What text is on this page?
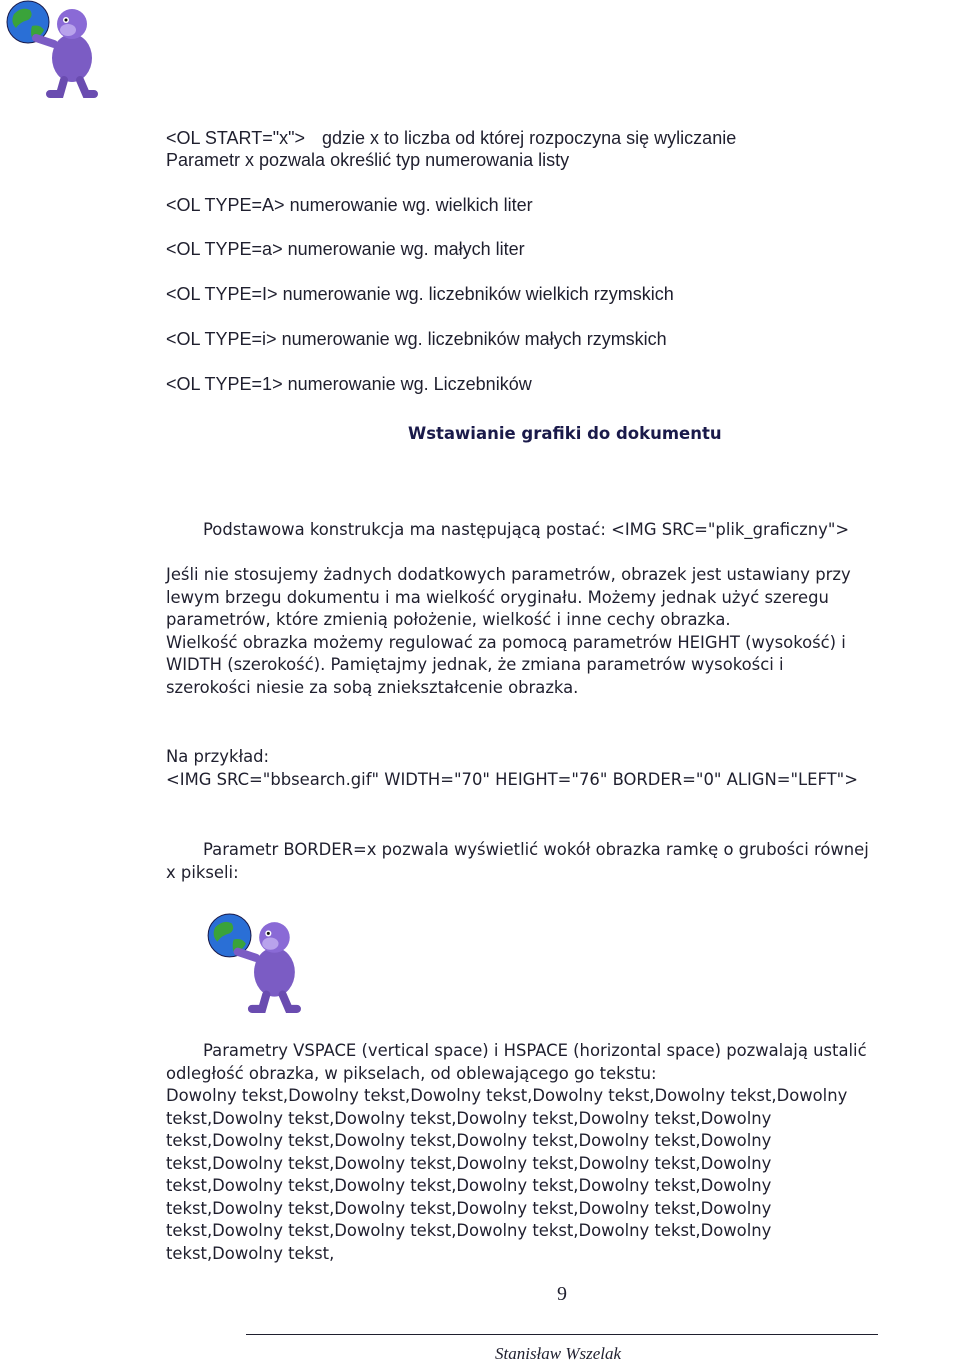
<OL START="x"> gdzie x to liczba od której rozpoczyna się wyliczanie
Parametr x pozwala określić typ numerowania listy
<OL TYPE=A> numerowanie wg. wielkich liter
<OL TYPE=a> numerowanie wg. małych liter
<OL TYPE=I> numerowanie wg. liczebników wielkich rzymskich
<OL TYPE=i> numerowanie wg. liczebników małych rzymskich
<OL TYPE=1> numerowanie wg. Liczebników
Wstawianie grafiki do dokumentu
Podstawowa konstrukcja ma następującą postać: <IMG SRC="plik_graficzny">
Jeśli nie stosujemy żadnych dodatkowych parametrów, obrazek jest ustawiany przy
lewym brzegu dokumentu i ma wielkość oryginału. Możemy jednak użyć szeregu
parametrów, które zmienią położenie, wielkość i inne cechy obrazka.
Wielkość obrazka możemy regulować za pomocą parametrów HEIGHT (wysokość) i
WIDTH (szerokość). Pamiętajmy jednak, że zmiana parametrów wysokości i
szerokości niesie za sobą zniekształcenie obrazka.
Na przykład:
<IMG SRC="bbsearch.gif" WIDTH="70" HEIGHT="76" BORDER="0" ALIGN="LEFT">
Parametr BORDER=x pozwala wyświetlić wokół obrazka ramkę o grubości równej
x pikseli:
Parametry VSPACE (vertical space) i HSPACE (horizontal space) pozwalają ustalić
odległość obrazka, w pikselach, od oblewającego go tekstu:
Dowolny tekst,Dowolny tekst,Dowolny tekst,Dowolny tekst,Dowolny tekst,Dowolny
tekst,Dowolny tekst,Dowolny tekst,Dowolny tekst,Dowolny tekst,Dowolny
tekst,Dowolny tekst,Dowolny tekst,Dowolny tekst,Dowolny tekst,Dowolny
tekst,Dowolny tekst,Dowolny tekst,Dowolny tekst,Dowolny tekst,Dowolny
tekst,Dowolny tekst,Dowolny tekst,Dowolny tekst,Dowolny tekst,Dowolny
tekst,Dowolny tekst,Dowolny tekst,Dowolny tekst,Dowolny tekst,Dowolny
tekst,Dowolny tekst,Dowolny tekst,Dowolny tekst,Dowolny tekst,Dowolny
tekst,Dowolny tekst,
9
Stanisław Wszelak
